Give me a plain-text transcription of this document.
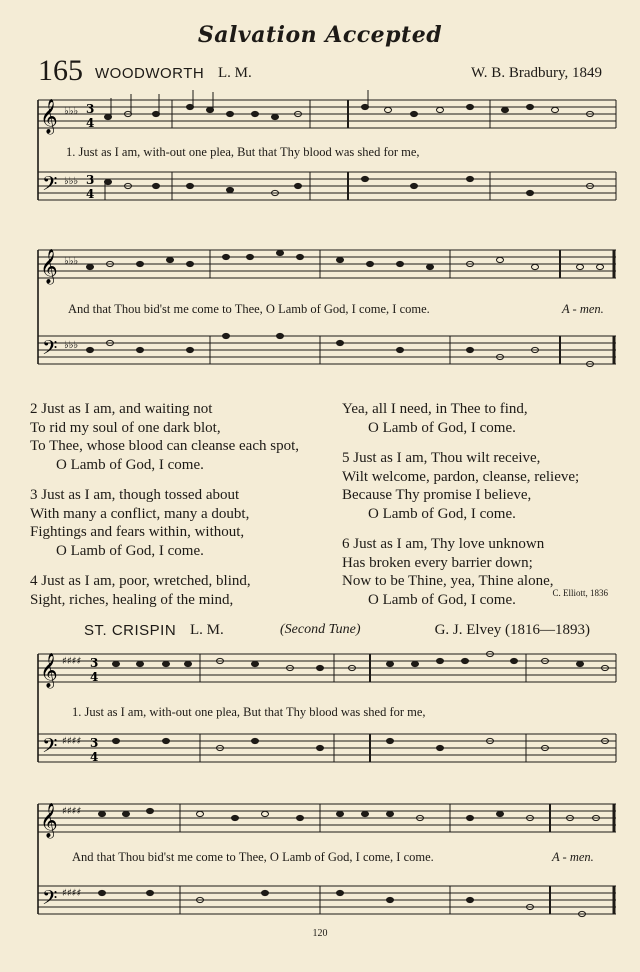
Salvation Accepted
165 WOODWORTH L. M.	W. B. Bradbury, 1849
𝄞
𝄢
♭♭♭
♭♭♭
3
4
3
4
1. Just as I am, with-out one plea, But that Thy blood was shed for me,
𝄞
𝄢
♭♭♭
♭♭♭
And that Thou bid'st me come to Thee, O Lamb of God, I come, I come.	A - men.
2 Just as I am, and waiting not
To rid my soul of one dark blot,
To Thee, whose blood can cleanse each spot,
O Lamb of God, I come.
3 Just as I am, though tossed about
With many a conflict, many a doubt,
Fightings and fears within, without,
O Lamb of God, I come.
4 Just as I am, poor, wretched, blind,
Sight, riches, healing of the mind,
Yea, all I need, in Thee to find,
O Lamb of God, I come.
5 Just as I am, Thou wilt receive,
Wilt welcome, pardon, cleanse, relieve;
Because Thy promise I believe,
O Lamb of God, I come.
6 Just as I am, Thy love unknown
Has broken every barrier down;
Now to be Thine, yea, Thine alone,
O Lamb of God, I come.	C. Elliott, 1836
ST. CRISPIN L. M.	(Second Tune)	G. J. Elvey (1816—1893)
𝄞
𝄢
♯♯♯♯
♯♯♯♯
3
4
3
4
1. Just as I am, with-out one plea, But that Thy blood was shed for me,
𝄞
𝄢
♯♯♯♯
♯♯♯♯
And that Thou bid'st me come to Thee, O Lamb of God, I come, I come.	A - men.
120
